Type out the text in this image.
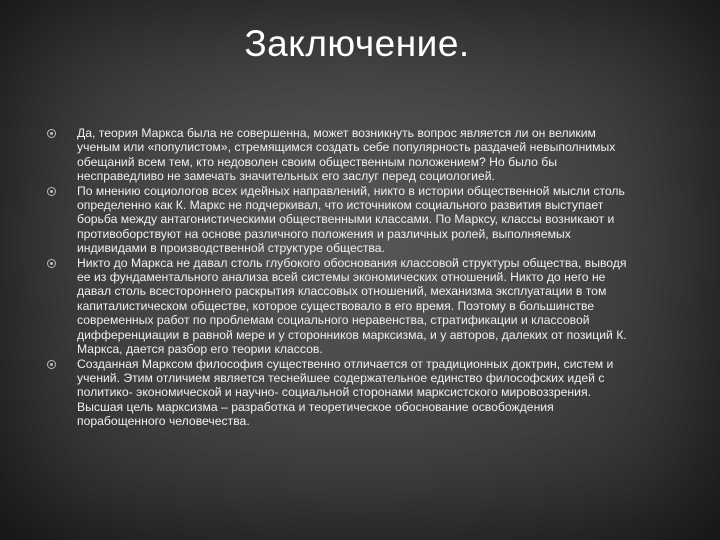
Заключение.
Да, теория Маркса была не совершенна, может возникнуть вопрос является ли он великим ученым или «популистом», стремящимся создать себе популярность раздачей невыполнимых обещаний всем тем, кто недоволен своим общественным положением? Но было бы несправедливо не замечать значительных его заслуг перед социологией.
По мнению социологов всех идейных направлений, никто в истории общественной мысли столь определенно как К. Маркс не подчеркивал, что источником социального развития выступает борьба между антагонистическими общественными классами. По Марксу, классы возникают и противоборствуют на основе различного положения и различных ролей, выполняемых индивидами в производственной структуре общества.
Никто до Маркса не давал столь глубокого обоснования классовой структуры общества, выводя ее из фундаментального анализа всей системы экономических отношений. Никто до него не давал столь всестороннего раскрытия классовых отношений, механизма эксплуатации в том капиталистическом обществе, которое существовало в его время. Поэтому в большинстве современных работ по проблемам социального неравенства, стратификации и классовой дифференциации в равной мере и у сторонников марксизма, и у авторов, далеких от позиций К. Маркса, дается разбор его теории классов.
Созданная Марксом философия существенно отличается от традиционных доктрин, систем и учений. Этим отличием является теснейшее содержательное единство философских идей с политико- экономической и научно- социальной сторонами марксистского мировоззрения. Высшая цель марксизма – разработка и теоретическое обоснование освобождения порабощенного человечества.
